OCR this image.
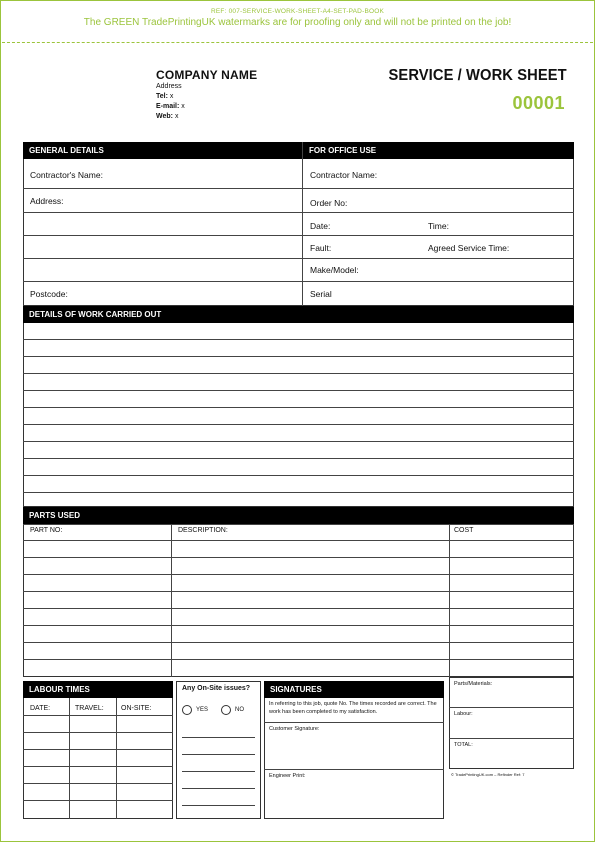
REF: 007-SERVICE-WORK-SHEET-A4-SET-PAD-BOOK
The GREEN TradePrintingUK watermarks are for proofing only and will not be printed on the job!
COMPANY NAME
Address
Tel: x
E-mail: x
Web: x
SERVICE / WORK SHEET
00001
GENERAL DETAILS	FOR OFFICE USE
Contractor's Name:
Address:
Postcode:
Contractor Name:
Order No:
Date:	Time:
Fault:	Agreed Service Time:
Make/Model:
Serial
DETAILS OF WORK CARRIED OUT
PARTS USED
PART NO:	DESCRIPTION:	COST
LABOUR TIMES
DATE:	TRAVEL: ON-SITE:
Any On-Site issues?
YES	NO
SIGNATURES
In referring to this job, quote No. The times recorded are correct. The work has been completed to my satisfaction.
Customer Signature:
Engineer Print:
Parts/Materials:
Labour:
TOTAL:
© TradePrintingUK.com – Refinder Ref: 7
